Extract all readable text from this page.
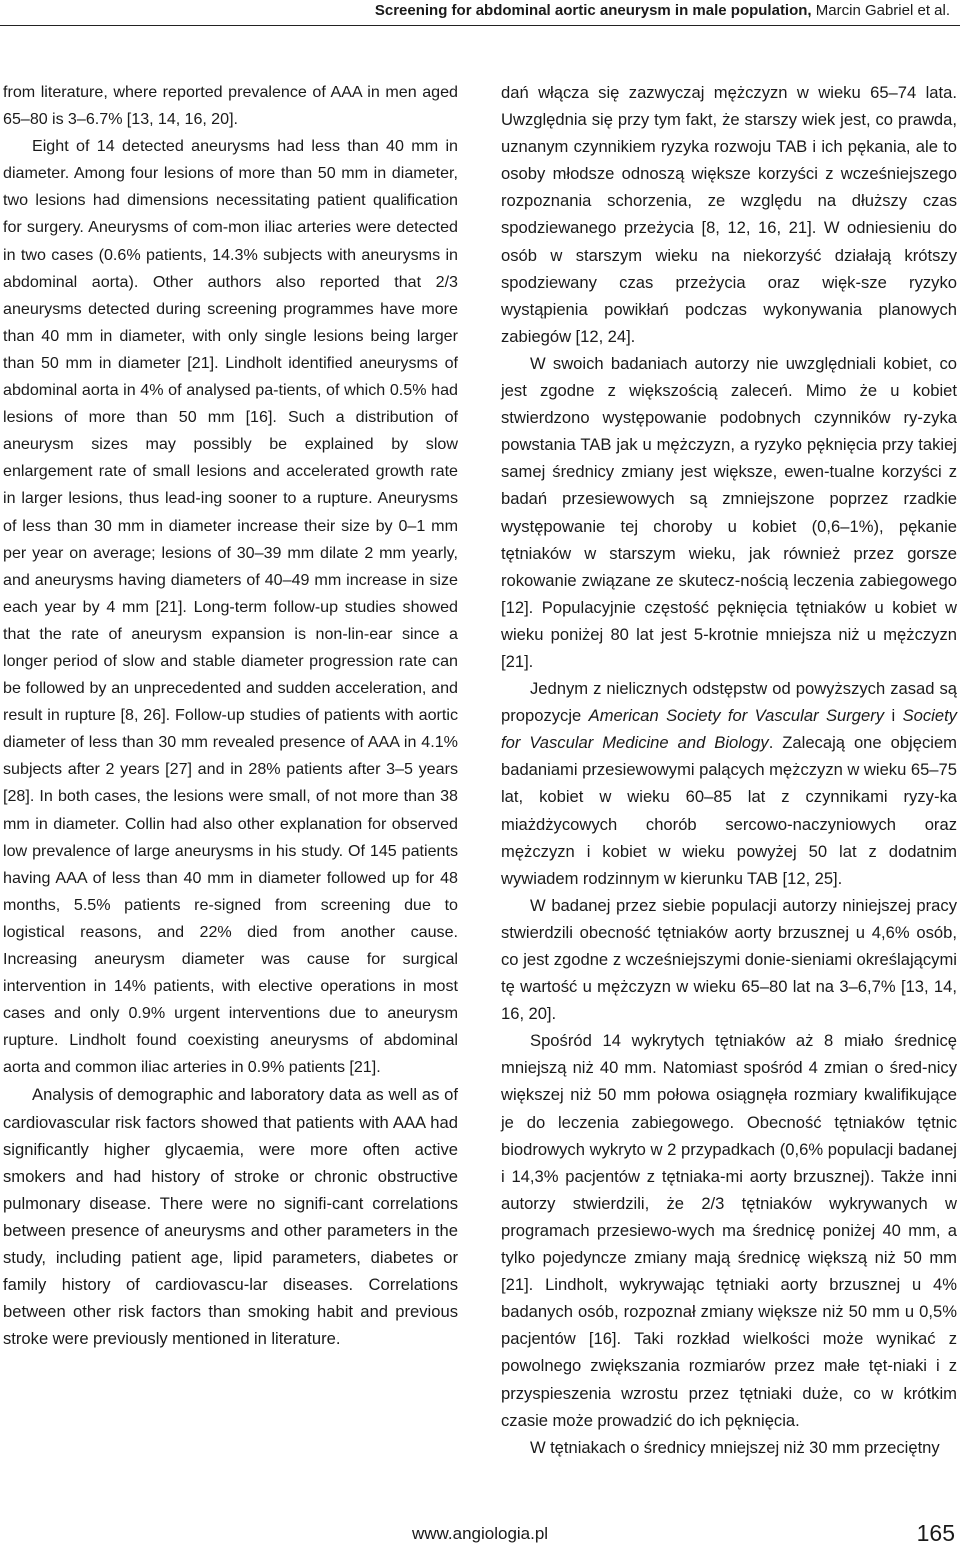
Screening for abdominal aortic aneurysm in male population, Marcin Gabriel et al.

from literature, where reported prevalence of AAA in men aged 65–80 is 3–6.7% [13, 14, 16, 20].

Eight of 14 detected aneurysms had less than 40 mm in diameter. Among four lesions of more than 50 mm in diameter, two lesions had dimensions necessitating patient qualification for surgery. Aneurysms of com-mon iliac arteries were detected in two cases (0.6% patients, 14.3% subjects with aneurysms in abdominal aorta). Other authors also reported that 2/3 aneurysms detected during screening programmes have more than 40 mm in diameter, with only single lesions being larger than 50 mm in diameter [21]. Lindholt identified aneurysms of abdominal aorta in 4% of analysed pa-tients, of which 0.5% had lesions of more than 50 mm [16]. Such a distribution of aneurysm sizes may possibly be explained by slow enlargement rate of small lesions and accelerated growth rate in larger lesions, thus lead-ing sooner to a rupture. Aneurysms of less than 30 mm in diameter increase their size by 0–1 mm per year on average; lesions of 30–39 mm dilate 2 mm yearly, and aneurysms having diameters of 40–49 mm increase in size each year by 4 mm [21]. Long-term follow-up studies showed that the rate of aneurysm expansion is non-lin-ear since a longer period of slow and stable diameter progression rate can be followed by an unprecedented and sudden acceleration, and result in rupture [8, 26]. Follow-up studies of patients with aortic diameter of less than 30 mm revealed presence of AAA in 4.1% subjects after 2 years [27] and in 28% patients after 3–5 years [28]. In both cases, the lesions were small, of not more than 38 mm in diameter. Collin had also other explanation for observed low prevalence of large aneurysms in his study. Of 145 patients having AAA of less than 40 mm in diameter followed up for 48 months, 5.5% patients re-signed from screening due to logistical reasons, and 22% died from another cause. Increasing aneurysm diameter was cause for surgical intervention in 14% patients, with elective operations in most cases and only 0.9% urgent interventions due to aneurysm rupture. Lindholt found coexisting aneurysms of abdominal aorta and common iliac arteries in 0.9% patients [21].

Analysis of demographic and laboratory data as well as of cardiovascular risk factors showed that patients with AAA had significantly higher glycaemia, were more often active smokers and had history of stroke or chronic obstructive pulmonary disease. There were no signifi-cant correlations between presence of aneurysms and other parameters in the study, including patient age, lipid parameters, diabetes or family history of cardiovascu-lar diseases. Correlations between other risk factors than smoking habit and previous stroke were previously mentioned in literature.

dań włącza się zazwyczaj mężczyzn w wieku 65–74 lata. Uwzględnia się przy tym fakt, że starszy wiek jest, co prawda, uznanym czynnikiem ryzyka rozwoju TAB i ich pękania, ale to osoby młodsze odnoszą większe korzyści z wcześniejszego rozpoznania schorzenia, ze względu na dłuższy czas spodziewanego przeżycia [8, 12, 16, 21]. W odniesieniu do osób w starszym wieku na niekorzyść działają krótszy spodziewany czas przeżycia oraz więk-sze ryzyko wystąpienia powikłań podczas wykonywania planowych zabiegów [12, 24].

W swoich badaniach autorzy nie uwzględniali kobiet, co jest zgodne z większością zaleceń. Mimo że u kobiet stwierdzono występowanie podobnych czynników ry-zyka powstania TAB jak u mężczyzn, a ryzyko pęknięcia przy takiej samej średnicy zmiany jest większe, ewen-tualne korzyści z badań przesiewowych są zmniejszone poprzez rzadkie występowanie tej choroby u kobiet (0,6–1%), pękanie tętniaków w starszym wieku, jak również przez gorsze rokowanie związane ze skutecz-nością leczenia zabiegowego [12]. Populacyjnie częstość pęknięcia tętniaków u kobiet w wieku poniżej 80 lat jest 5-krotnie mniejsza niż u mężczyzn [21].

Jednym z nielicznych odstępstw od powyższych zasad są propozycje American Society for Vascular Surgery i Society for Vascular Medicine and Biology. Zalecają one objęciem badaniami przesiewowymi palących mężczyzn w wieku 65–75 lat, kobiet w wieku 60–85 lat z czynnikami ryzy-ka miażdżycowych chorób sercowo-naczyniowych oraz mężczyzn i kobiet w wieku powyżej 50 lat z dodatnim wywiadem rodzinnym w kierunku TAB [12, 25].

W badanej przez siebie populacji autorzy niniejszej pracy stwierdzili obecność tętniaków aorty brzusznej u 4,6% osób, co jest zgodne z wcześniejszymi donie-sieniami określającymi tę wartość u mężczyzn w wieku 65–80 lat na 3–6,7% [13, 14, 16, 20].

Spośród 14 wykrytych tętniaków aż 8 miało średnicę mniejszą niż 40 mm. Natomiast spośród 4 zmian o śred-nicy większej niż 50 mm połowa osiągnęła rozmiary kwalifikujące je do leczenia zabiegowego. Obecność tętniaków tętnic biodrowych wykryto w 2 przypadkach (0,6% populacji badanej i 14,3% pacjentów z tętniaka-mi aorty brzusznej). Także inni autorzy stwierdzili, że 2/3 tętniaków wykrywanych w programach przesiewo-wych ma średnicę poniżej 40 mm, a tylko pojedyncze zmiany mają średnicę większą niż 50 mm [21]. Lindholt, wykrywając tętniaki aorty brzusznej u 4% badanych osób, rozpoznał zmiany większe niż 50 mm u 0,5% pacjentów [16]. Taki rozkład wielkości może wynikać z powolnego zwiększania rozmiarów przez małe tęt-niaki i z przyspieszenia wzrostu przez tętniaki duże, co w krótkim czasie może prowadzić do ich pęknięcia.

W tętniakach o średnicy mniejszej niż 30 mm przeciętny

www.angiologia.pl	165
